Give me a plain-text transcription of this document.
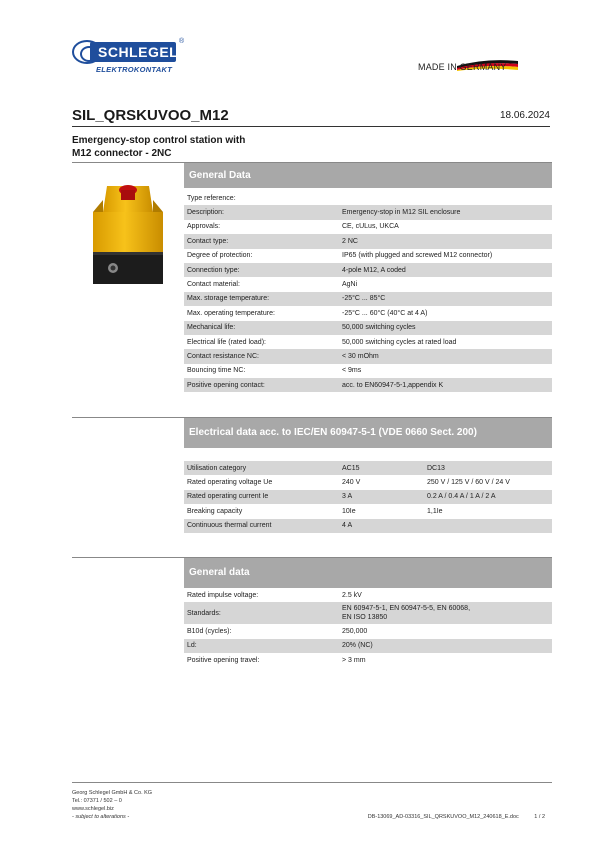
SCHLEGEL
®
ELEKTROKONTAKT	MADE IN GERMANY
SIL_QRSKUVOO_M12	18.06.2024
Emergency-stop control station with
M12 connector - 2NC
General Data
Type reference:	
Description:	Emergency-stop in M12 SIL enclosure
Approvals:	CE, cULus, UKCA
Contact type:	2 NC
Degree of protection:	IP65 (with plugged and screwed M12 connector)
Connection type:	4-pole M12, A coded
Contact material:	AgNi
Max. storage temperature:	-25°C ... 85°C
Max. operating temperature:	-25°C ... 60°C (40°C at 4 A)
Mechanical life:	50,000 switching cycles
Electrical life (rated load):	50,000 switching cycles at rated load
Contact resistance NC:	< 30 mOhm
Bouncing time NC:	< 9ms
Positive opening contact:	acc. to EN60947-5-1,appendix K
Electrical data acc. to IEC/EN 60947-5-1 (VDE 0660 Sect. 200)
Utilisation category	AC15	DC13
Rated operating voltage Ue	240 V	250 V / 125 V / 60 V / 24 V
Rated operating current Ie	3 A	0.2 A / 0.4 A / 1 A / 2 A
Breaking capacity	10Ie	1,1Ie
Continuous thermal current	4 A	
General data
Rated impulse voltage:	2.5 kV

Standards:	EN 60947-5-1, EN 60947-5-5, EN 60068,
EN ISO 13850

B10d (cycles):	250,000

Ld:	20% (NC)

Positive opening travel:	> 3 mm
Georg Schlegel GmbH & Co. KG
Tel.: 07371 / 502 – 0
www.schlegel.biz
- subject to alterations -	DB-13069_AD-03316_SIL_QRSKUVOO_M12_240618_E.doc	1 / 2
